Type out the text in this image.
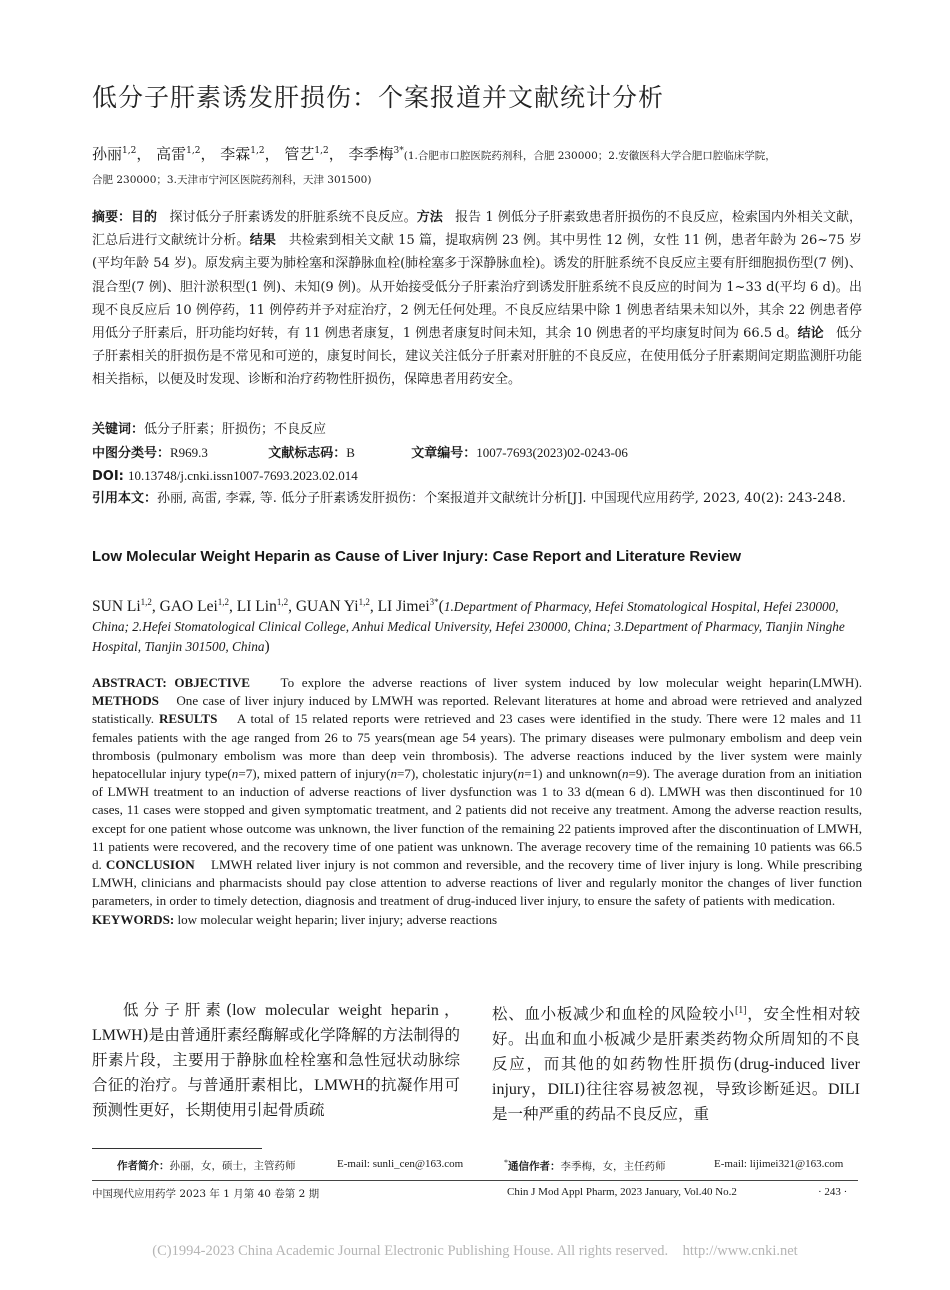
低分子肝素诱发肝损伤：个案报道并文献统计分析
孙丽$^{1,2}$， 高雷$^{1,2}$， 李霖$^{1,2}$， 管艺$^{1,2}$， 李季梅$^{3*}$(1.合肥市口腔医院药剂科，合肥 230000；2.安徽医科大学合肥口腔临床学院，
合肥 230000；3.天津市宁河区医院药剂科，天津 301500)
摘要：目的 探讨低分子肝素诱发的肝脏系统不良反应。方法 报告 1 例低分子肝素致患者肝损伤的不良反应，检索国内外相关文献，汇总后进行文献统计分析。结果 共检索到相关文献 15 篇，提取病例 23 例。其中男性 12 例，女性 11 例，患者年龄为 26~75 岁(平均年龄 54 岁)。原发病主要为肺栓塞和深静脉血栓(肺栓塞多于深静脉血栓)。诱发的肝脏系统不良反应主要有肝细胞损伤型(7 例)、混合型(7 例)、胆汁淤积型(1 例)、未知(9 例)。从开始接受低分子肝素治疗到诱发肝脏系统不良反应的时间为 1~33 d(平均 6 d)。出现不良反应后 10 例停药，11 例停药并予对症治疗，2 例无任何处理。不良反应结果中除 1 例患者结果未知以外，其余 22 例患者停用低分子肝素后，肝功能均好转，有 11 例患者康复，1 例患者康复时间未知，其余 10 例患者的平均康复时间为 66.5 d。结论 低分子肝素相关的肝损伤是不常见和可逆的，康复时间长，建议关注低分子肝素对肝脏的不良反应，在使用低分子肝素期间定期监测肝功能相关指标，以便及时发现、诊断和治疗药物性肝损伤，保障患者用药安全。
关键词：低分子肝素；肝损伤；不良反应
中图分类号：R969.3	文献标志码：B	文章编号：1007-7693(2023)02-0243-06
DOI: 10.13748/j.cnki.issn1007-7693.2023.02.014
引用本文：孙丽, 高雷, 李霖, 等. 低分子肝素诱发肝损伤：个案报道并文献统计分析[J]. 中国现代应用药学, 2023, 40(2): 243-248.
Low Molecular Weight Heparin as Cause of Liver Injury: Case Report and Literature Review
SUN Li$^{1,2}$, GAO Lei$^{1,2}$, LI Lin$^{1,2}$, GUAN Yi$^{1,2}$, LI Jimei$^{3*}$(1.Department of Pharmacy, Hefei Stomatological Hospital, Hefei 230000, China; 2.Hefei Stomatological Clinical College, Anhui Medical University, Hefei 230000, China; 3.Department of Pharmacy, Tianjin Ninghe Hospital, Tianjin 301500, China)
ABSTRACT: OBJECTIVE To explore the adverse reactions of liver system induced by low molecular weight heparin(LMWH). METHODS One case of liver injury induced by LMWH was reported. Relevant literatures at home and abroad were retrieved and analyzed statistically. RESULTS A total of 15 related reports were retrieved and 23 cases were identified in the study. There were 12 males and 11 females patients with the age ranged from 26 to 75 years(mean age 54 years). The primary diseases were pulmonary embolism and deep vein thrombosis (pulmonary embolism was more than deep vein thrombosis). The adverse reactions induced by the liver system were mainly hepatocellular injury type(n=7), mixed pattern of injury(n=7), cholestatic injury(n=1) and unknown(n=9). The average duration from an initiation of LMWH treatment to an induction of adverse reactions of liver dysfunction was 1 to 33 d(mean 6 d). LMWH was then discontinued for 10 cases, 11 cases were stopped and given symptomatic treatment, and 2 patients did not receive any treatment. Among the adverse reaction results, except for one patient whose outcome was unknown, the liver function of the remaining 22 patients improved after the discontinuation of LMWH, 11 patients were recovered, and the recovery time of one patient was unknown. The average recovery time of the remaining 10 patients was 66.5 d. CONCLUSION LMWH related liver injury is not common and reversible, and the recovery time of liver injury is long. While prescribing LMWH, clinicians and pharmacists should pay close attention to adverse reactions of liver and regularly monitor the changes of liver function parameters, in order to timely detection, diagnosis and treatment of drug-induced liver injury, to ensure the safety of patients with medication.
KEYWORDS: low molecular weight heparin; liver injury; adverse reactions
低分子肝素(low molecular weight heparin，LMWH)是由普通肝素经酶解或化学降解的方法制得的肝素片段，主要用于静脉血栓栓塞和急性冠状动脉综合征的治疗。与普通肝素相比，LMWH的抗凝作用可预测性更好，长期使用引起骨质疏
松、血小板减少和血栓的风险较小[1]，安全性相对较好。出血和血小板减少是肝素类药物众所周知的不良反应，而其他的如药物性肝损伤(drug-induced liver injury，DILI)往往容易被忽视，导致诊断延迟。DILI 是一种严重的药品不良反应，重
作者简介：孙丽，女，硕士，主管药师	E-mail: sunli_cen@163.com	*通信作者：李季梅，女，主任药师	E-mail: lijimei321@163.com
中国现代应用药学 2023 年 1 月第 40 卷第 2 期	Chin J Mod Appl Pharm, 2023 January, Vol.40 No.2	· 243 ·
(C)1994-2023 China Academic Journal Electronic Publishing House. All rights reserved.    http://www.cnki.net
